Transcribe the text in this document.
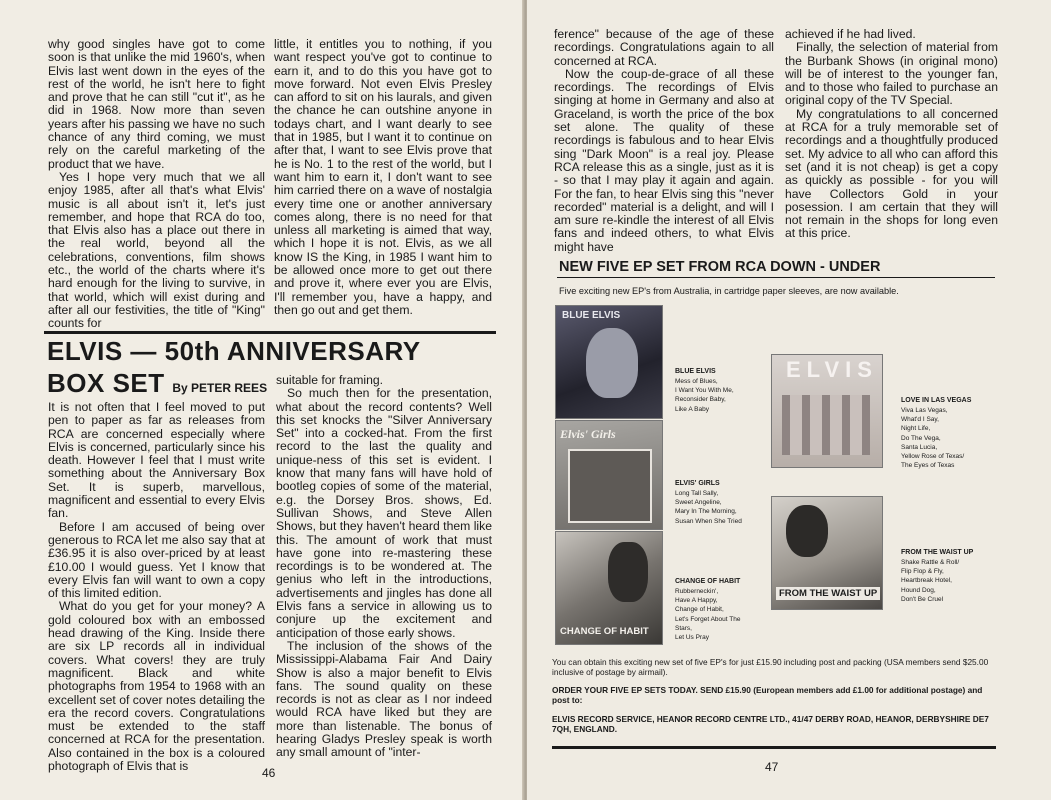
why good singles have got to come soon is that unlike the mid 1960's, when Elvis last went down in the eyes of the rest of the world, he isn't here to fight and prove that he can still "cut it", as he did in 1968. Now more than seven years after his passing we have no such chance of any third coming, we must rely on the careful marketing of the product that we have.

Yes I hope very much that we all enjoy 1985, after all that's what Elvis' music is all about isn't it, let's just remember, and hope that RCA do too, that Elvis also has a place out there in the real world, beyond all the celebrations, conventions, film shows etc., the world of the charts where it's hard enough for the living to survive, in that world, which will exist during and after all our festivities, the title of "King" counts for

little, it entitles you to nothing, if you want respect you've got to continue to earn it, and to do this you have got to move forward. Not even Elvis Presley can afford to sit on his laurals, and given the chance he can outshine anyone in todays chart, and I want dearly to see that in 1985, but I want it to continue on after that, I want to see Elvis prove that he is No. 1 to the rest of the world, but I want him to earn it, I don't want to see him carried there on a wave of nostalgia every time one or another anniversary comes along, there is no need for that unless all marketing is aimed that way, which I hope it is not. Elvis, as we all know IS the King, in 1985 I want him to be allowed once more to get out there and prove it, where ever you are Elvis, I'll remember you, have a happy, and then go out and get them.

ELVIS — 50th ANNIVERSARY
BOX SET By PETER REES

It is not often that I feel moved to put pen to paper as far as releases from RCA are concerned especially where Elvis is concerned, particularly since his death. However I feel that I must write something about the Anniversary Box Set. It is superb, marvellous, magnificent and essential to every Elvis fan.

Before I am accused of being over generous to RCA let me also say that at £36.95 it is also over-priced by at least £10.00 I would guess. Yet I know that every Elvis fan will want to own a copy of this limited edition.

What do you get for your money? A gold coloured box with an embossed head drawing of the King. Inside there are six LP records all in individual covers. What covers! they are truly magnificent. Black and white photographs from 1954 to 1968 with an excellent set of cover notes detailing the era the record covers. Congratulations must be extended to the staff concerned at RCA for the presentation. Also contained in the box is a coloured photograph of Elvis that is

suitable for framing.

So much then for the presentation, what about the record contents? Well this set knocks the "Silver Anniversary Set" into a cocked-hat. From the first record to the last the quality and unique-ness of this set is evident. I know that many fans will have hold of bootleg copies of some of the material, e.g. the Dorsey Bros. shows, Ed. Sullivan Shows, and Steve Allen Shows, but they haven't heard them like this. The amount of work that must have gone into re-mastering these recordings is to be wondered at. The genius who left in the introductions, advertisements and jingles has done all Elvis fans a service in allowing us to conjure up the excitement and anticipation of those early shows.

The inclusion of the shows of the Mississippi-Alabama Fair And Dairy Show is also a major benefit to Elvis fans. The sound quality on these records is not as clear as I nor indeed would RCA have liked but they are more than listenable. The bonus of hearing Gladys Presley speak is worth any small amount of "inter-

46

ference" because of the age of these recordings. Congratulations again to all concerned at RCA.

Now the coup-de-grace of all these recordings. The recordings of Elvis singing at home in Germany and also at Graceland, is worth the price of the box set alone. The quality of these recordings is fabulous and to hear Elvis sing "Dark Moon" is a real joy. Please RCA release this as a single, just as it is - so that I may play it again and again. For the fan, to hear Elvis sing this "never recorded" material is a delight, and will I am sure re-kindle the interest of all Elvis fans and indeed others, to what Elvis might have

achieved if he had lived.

Finally, the selection of material from the Burbank Shows (in original mono) will be of interest to the younger fan, and to those who failed to purchase an original copy of the TV Special.

My congratulations to all concerned at RCA for a truly memorable set of recordings and a thoughtfully produced set. My advice to all who can afford this set (and it is not cheap) is get a copy as quickly as possible - for you will have Collectors Gold in your posession. I am certain that they will not remain in the shops for long even at this price.

NEW FIVE EP SET FROM RCA DOWN - UNDER
Five exciting new EP's from Australia, in cartridge paper sleeves, are now available.
BLUE ELVIS
BLUE ELVIS
Mess of Blues,
I Want You With Me,
Reconsider Baby,
Like A Baby
ELVIS
LOVE IN LAS VEGAS
Viva Las Vegas,
What'd I Say,
Night Life,
Do The Vega,
Santa Lucia,
Yellow Rose of Texas/
The Eyes of Texas
Elvis' Girls
ELVIS' GIRLS
Long Tall Sally,
Sweet Angeline,
Mary In The Morning,
Susan When She Tried
FROM THE WAIST UP
FROM THE WAIST UP
Shake Rattle & Roll/
Flip Flop & Fly,
Heartbreak Hotel,
Hound Dog,
Don't Be Cruel
CHANGE OF HABIT
CHANGE OF HABIT
Rubberneckin',
Have A Happy,
Change of Habit,
Let's Forget About The
Stars,
Let Us Pray
You can obtain this exciting new set of five EP's for just £15.90 including post and packing (USA members send $25.00 inclusive of postage by airmail).
ORDER YOUR FIVE EP SETS TODAY. SEND £15.90 (European members add £1.00 for additional postage) and post to:
ELVIS RECORD SERVICE, HEANOR RECORD CENTRE LTD., 41/47 DERBY ROAD, HEANOR, DERBYSHIRE DE7 7QH, ENGLAND.
47
